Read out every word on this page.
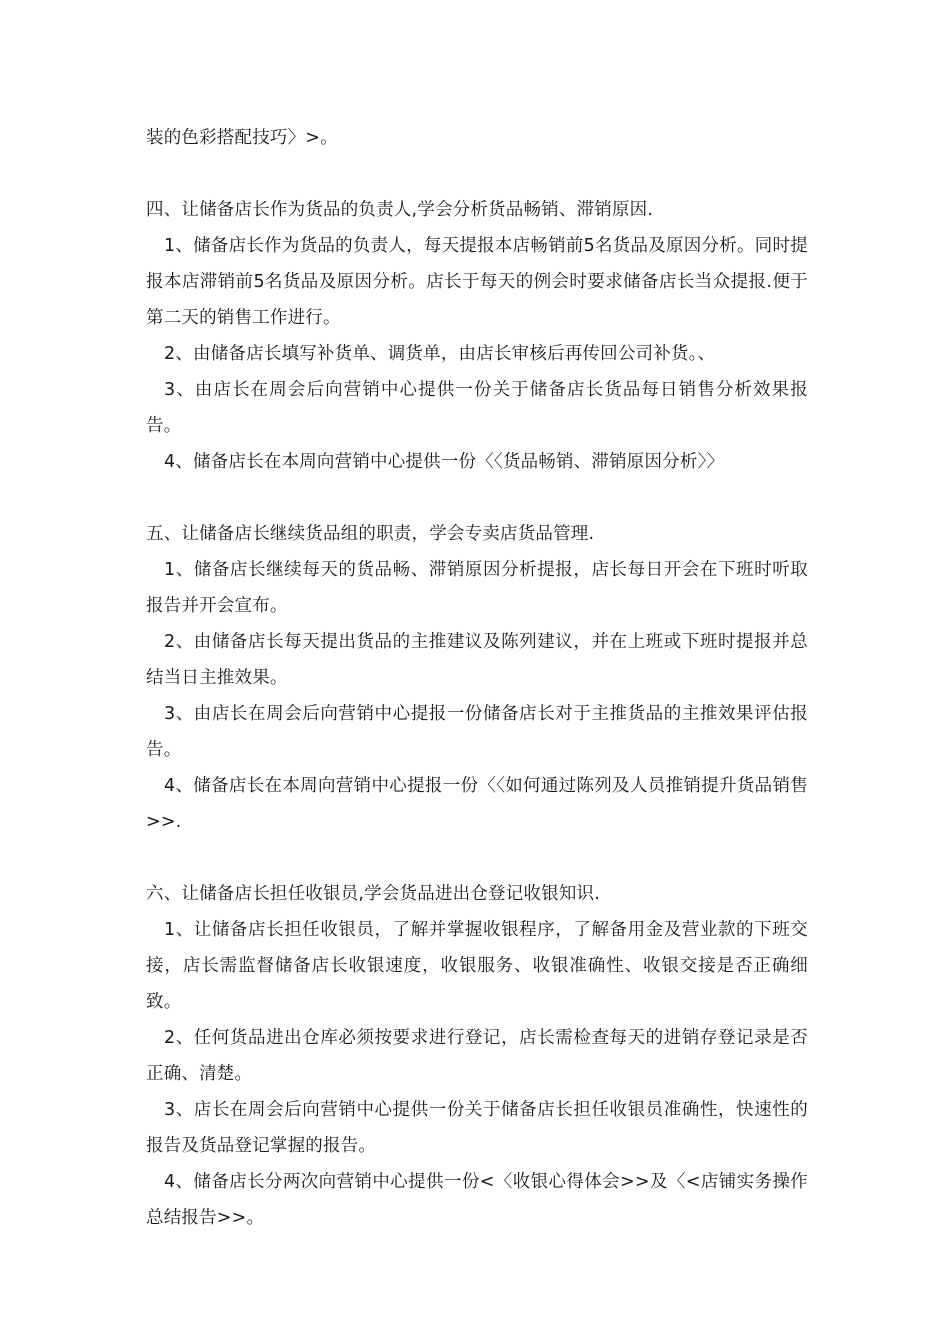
装的色彩搭配技巧〉>。

四、让储备店长作为货品的负责人,学会分析货品畅销、滞销原因.

1、储备店长作为货品的负责人，每天提报本店畅销前5名货品及原因分析。同时提报本店滞销前5名货品及原因分析。店长于每天的例会时要求储备店长当众提报.便于第二天的销售工作进行。

2、由储备店长填写补货单、调货单，由店长审核后再传回公司补货。、

3、由店长在周会后向营销中心提供一份关于储备店长货品每日销售分析效果报告。

4、储备店长在本周向营销中心提供一份〈〈货品畅销、滞销原因分析〉〉

五、让储备店长继续货品组的职责，学会专卖店货品管理.

1、储备店长继续每天的货品畅、滞销原因分析提报，店长每日开会在下班时听取报告并开会宣布。

2、由储备店长每天提出货品的主推建议及陈列建议，并在上班或下班时提报并总结当日主推效果。

3、由店长在周会后向营销中心提报一份储备店长对于主推货品的主推效果评估报告。

4、储备店长在本周向营销中心提报一份〈〈如何通过陈列及人员推销提升货品销售>>.

六、让储备店长担任收银员,学会货品进出仓登记收银知识.

1、让储备店长担任收银员，了解并掌握收银程序，了解备用金及营业款的下班交接，店长需监督储备店长收银速度，收银服务、收银准确性、收银交接是否正确细致。

2、任何货品进出仓库必须按要求进行登记，店长需检查每天的进销存登记录是否正确、清楚。

3、店长在周会后向营销中心提供一份关于储备店长担任收银员准确性，快速性的报告及货品登记掌握的报告。

4、储备店长分两次向营销中心提供一份<〈收银心得体会>>及〈<店铺实务操作总结报告>>。
